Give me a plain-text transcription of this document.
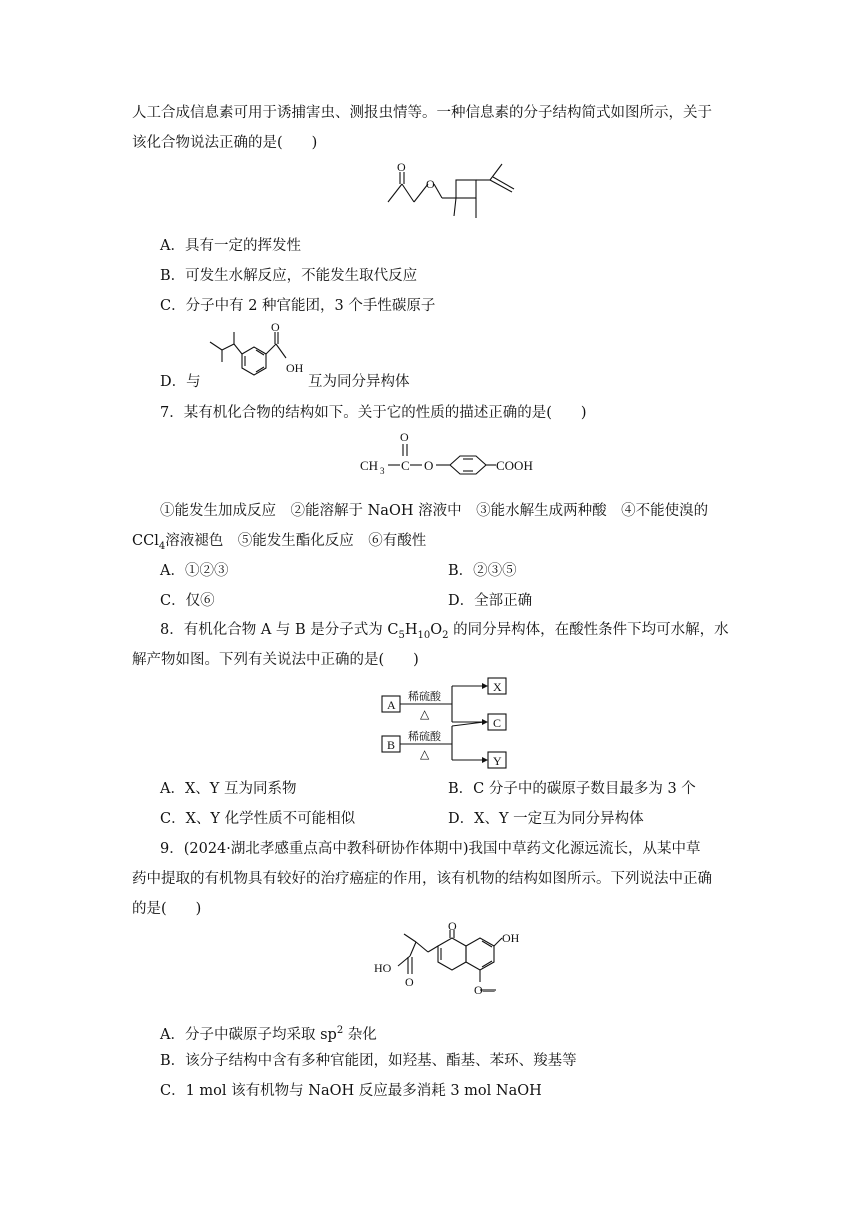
人工合成信息素可用于诱捕害虫、测报虫情等。一种信息素的分子结构简式如图所示，关于
该化合物说法正确的是(　　)
O
O
A．具有一定的挥发性
B．可发生水解反应，不能发生取代反应
C．分子中有 2 种官能团，3 个手性碳原子
O
OH
D．与	互为同分异构体
7．某有机化合物的结构如下。关于它的性质的描述正确的是(　　)
CH 3 C
O
O	COOH
①能发生加成反应　②能溶解于 NaOH 溶液中　③能水解生成两种酸　④不能使溴的
CCl$_4$溶液褪色　⑤能发生酯化反应　⑥有酸性
A．①②③	B．②③⑤
C．仅⑥	D．全部正确
8．有机化合物 A 与 B 是分子式为 $C_5H_{10}O_2$ 的同分异构体，在酸性条件下均可水解，水
解产物如图。下列有关说法中正确的是(　　)
A
B
X
C
Y
稀硫酸
△
稀硫酸
△
A．X、Y 互为同系物	B．C 分子中的碳原子数目最多为 3 个
C．X、Y 化学性质不可能相似	D．X、Y 一定互为同分异构体
9．(2024·湖北孝感重点高中教科研协作体期中)我国中草药文化源远流长，从某中草
药中提取的有机物具有较好的治疗癌症的作用，该有机物的结构如图所示。下列说法中正确
的是(　　)
O
OH
HO
O
O—
A．分子中碳原子均采取 $sp^2$ 杂化
B．该分子结构中含有多种官能团，如羟基、酯基、苯环、羧基等
C．1 mol 该有机物与 NaOH 反应最多消耗 3 mol NaOH
